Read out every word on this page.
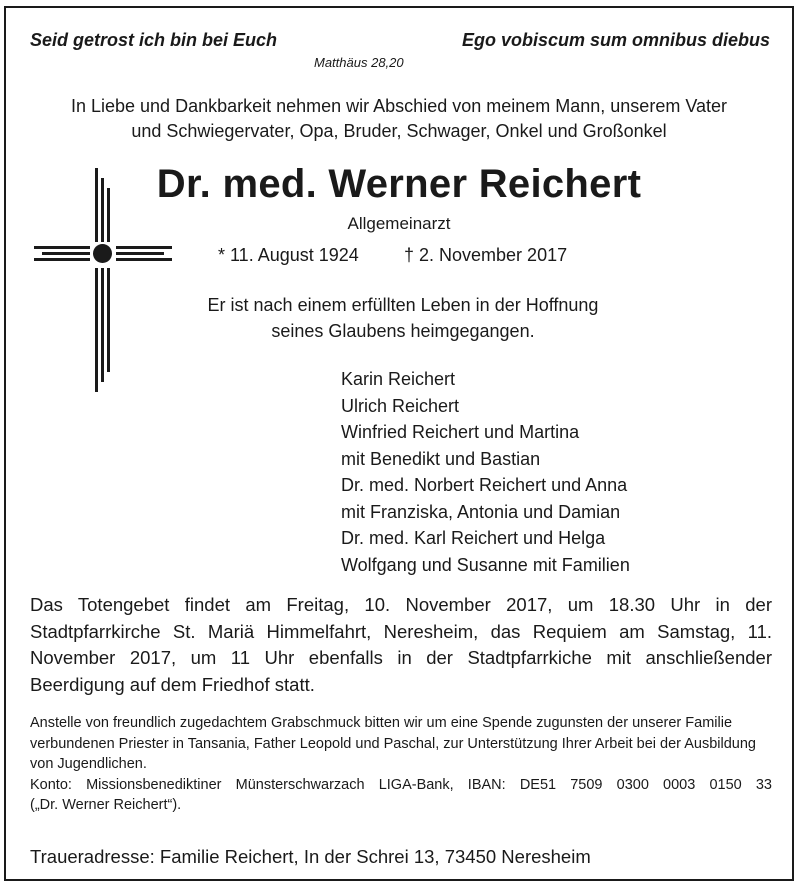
Seid getrost ich bin bei Euch	Ego vobiscum sum omnibus diebus
Matthäus 28,20
In Liebe und Dankbarkeit nehmen wir Abschied von meinem Mann, unserem Vater
und Schwiegervater, Opa, Bruder, Schwager, Onkel und Großonkel
Dr. med. Werner Reichert
Allgemeinarzt
* 11. August 1924	† 2. November 2017
Er ist nach einem erfüllten Leben in der Hoffnung
seines Glaubens heimgegangen.
Karin Reichert
Ulrich Reichert
Winfried Reichert und Martina
mit Benedikt und Bastian
Dr. med. Norbert Reichert und Anna
mit Franziska, Antonia und Damian
Dr. med. Karl Reichert und Helga
Wolfgang und Susanne mit Familien
Das Totengebet findet am Freitag, 10. November 2017, um 18.30 Uhr in der Stadtpfarrkirche St. Mariä Himmelfahrt, Neresheim, das Requiem am Samstag, 11. November 2017, um 11 Uhr ebenfalls in der Stadtpfarrkiche mit anschließender Beerdigung auf dem Friedhof statt.

Anstelle von freundlich zugedachtem Grabschmuck bitten wir um eine Spende zugunsten der unserer Familie verbundenen Priester in Tansania, Father Leopold und Paschal, zur Unterstützung Ihrer Arbeit bei der Ausbildung von Jugendlichen.

Konto: Missionsbenediktiner Münsterschwarzach LIGA-Bank, IBAN: DE51 7509 0300 0003 0150 33

(„Dr. Werner Reichert“).

Traueradresse: Familie Reichert, In der Schrei 13, 73450 Neresheim
